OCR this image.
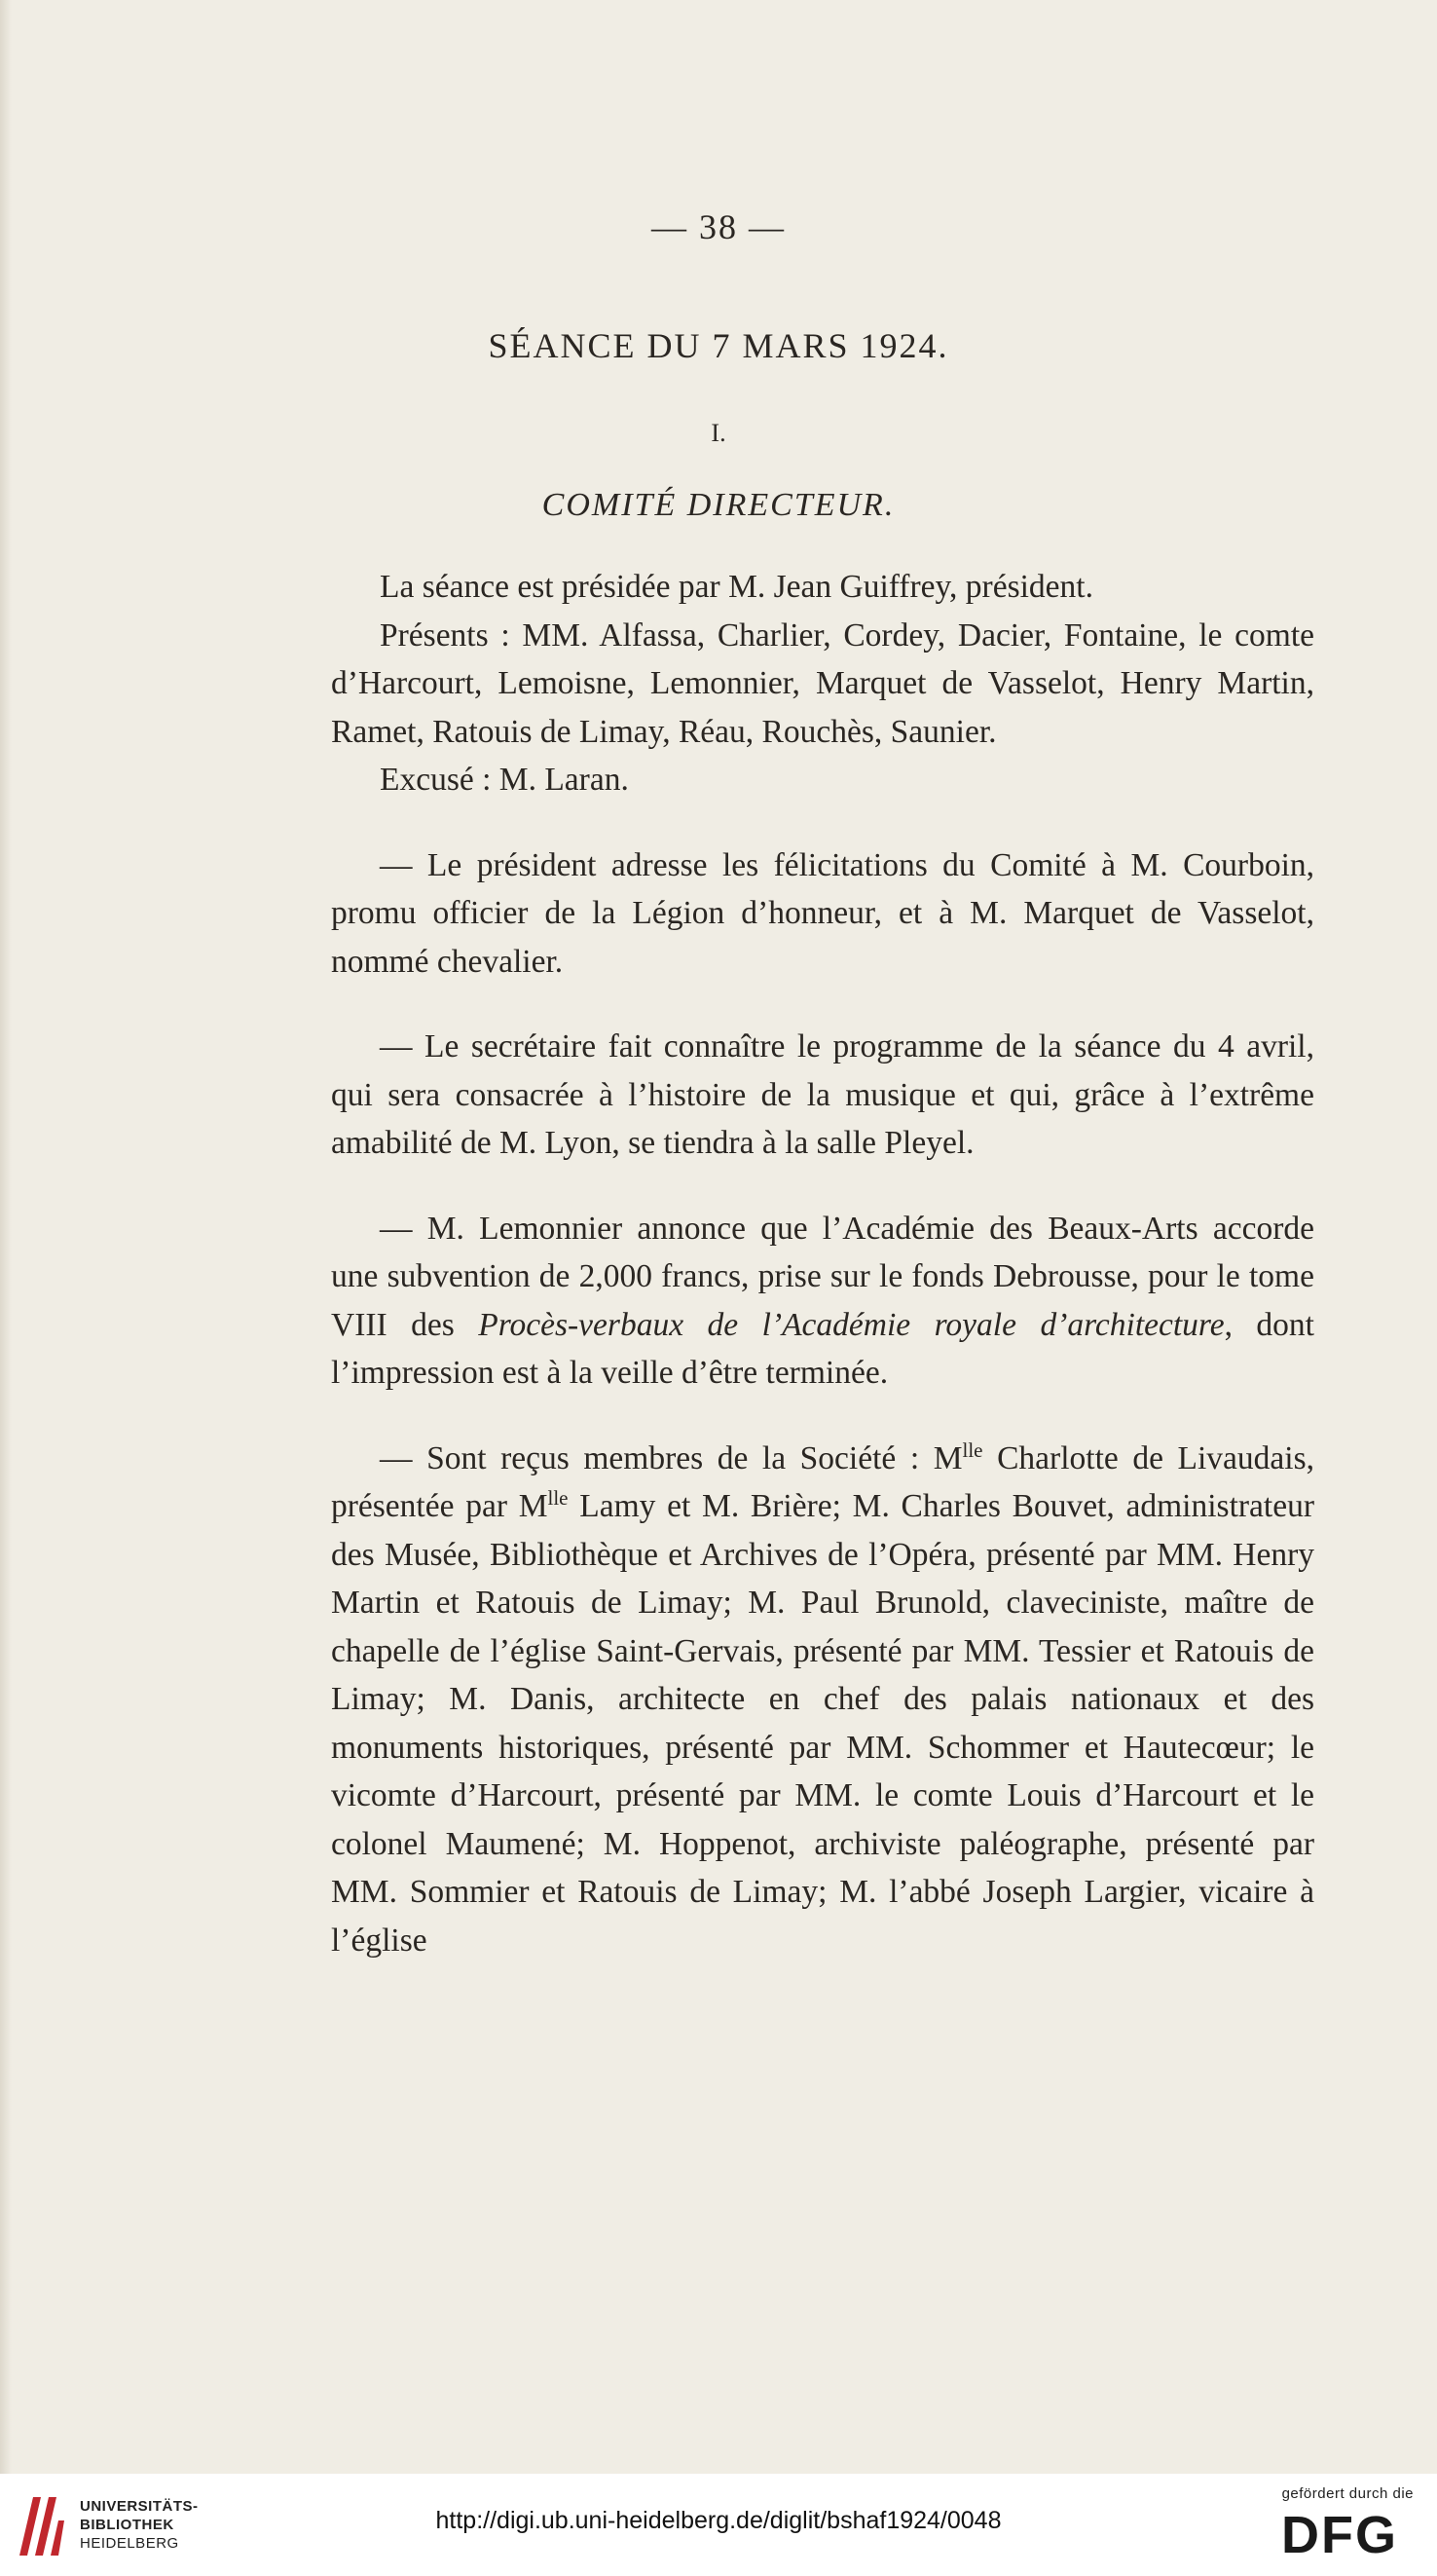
— 38 —
SÉANCE DU 7 MARS 1924.
I.
COMITÉ DIRECTEUR.

La séance est présidée par M. Jean Guiffrey, président.

Présents : MM. Alfassa, Charlier, Cordey, Dacier, Fontaine, le comte d’Harcourt, Lemoisne, Lemonnier, Marquet de Vasselot, Henry Martin, Ramet, Ratouis de Limay, Réau, Rouchès, Saunier.

Excusé : M. Laran.

— Le président adresse les félicitations du Comité à M. Courboin, promu officier de la Légion d’honneur, et à M. Marquet de Vasselot, nommé chevalier.

— Le secrétaire fait connaître le programme de la séance du 4 avril, qui sera consacrée à l’histoire de la musique et qui, grâce à l’extrême amabilité de M. Lyon, se tiendra à la salle Pleyel.

— M. Lemonnier annonce que l’Académie des Beaux-Arts accorde une subvention de 2,000 francs, prise sur le fonds Debrousse, pour le tome VIII des Procès-verbaux de l’Académie royale d’architecture, dont l’impression est à la veille d’être terminée.

— Sont reçus membres de la Société : $M^{lle}$ Charlotte de Livaudais, présentée par $M^{lle}$ Lamy et M. Brière; M. Charles Bouvet, administrateur des Musée, Bibliothèque et Archives de l’Opéra, présenté par MM. Henry Martin et Ratouis de Limay; M. Paul Brunold, claveciniste, maître de chapelle de l’église Saint-Gervais, présenté par MM. Tessier et Ratouis de Limay; M. Danis, architecte en chef des palais nationaux et des monuments historiques, présenté par MM. Schommer et Hautecœur; le vicomte d’Harcourt, présenté par MM. le comte Louis d’Harcourt et le colonel Maumené; M. Hoppenot, archiviste paléographe, présenté par MM. Sommier et Ratouis de Limay; M. l’abbé Joseph Largier, vicaire à l’église

UNIVERSITÄTS-
BIBLIOTHEK
HEIDELBERG
http://digi.ub.uni-heidelberg.de/diglit/bshaf1924/0048
gefördert durch die
DFG
